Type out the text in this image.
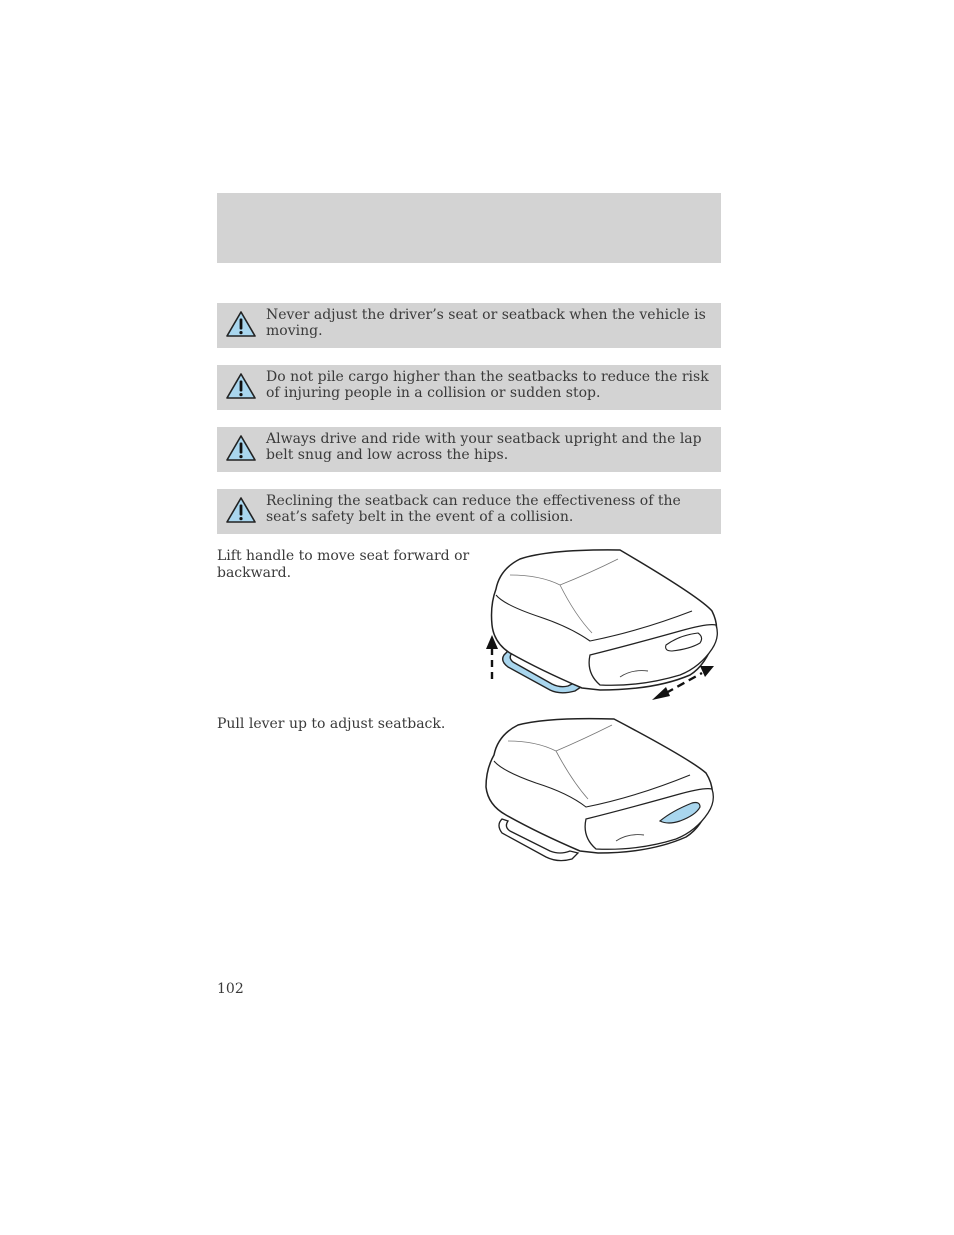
Never adjust the driver’s seat or seatback when the vehicle is moving.
Do not pile cargo higher than the seatbacks to reduce the risk of injuring people in a collision or sudden stop.
Always drive and ride with your seatback upright and the lap belt snug and low across the hips.
Reclining the seatback can reduce the effectiveness of the seat’s safety belt in the event of a collision.
Lift handle to move seat forward or backward.
Pull lever up to adjust seatback.
102
